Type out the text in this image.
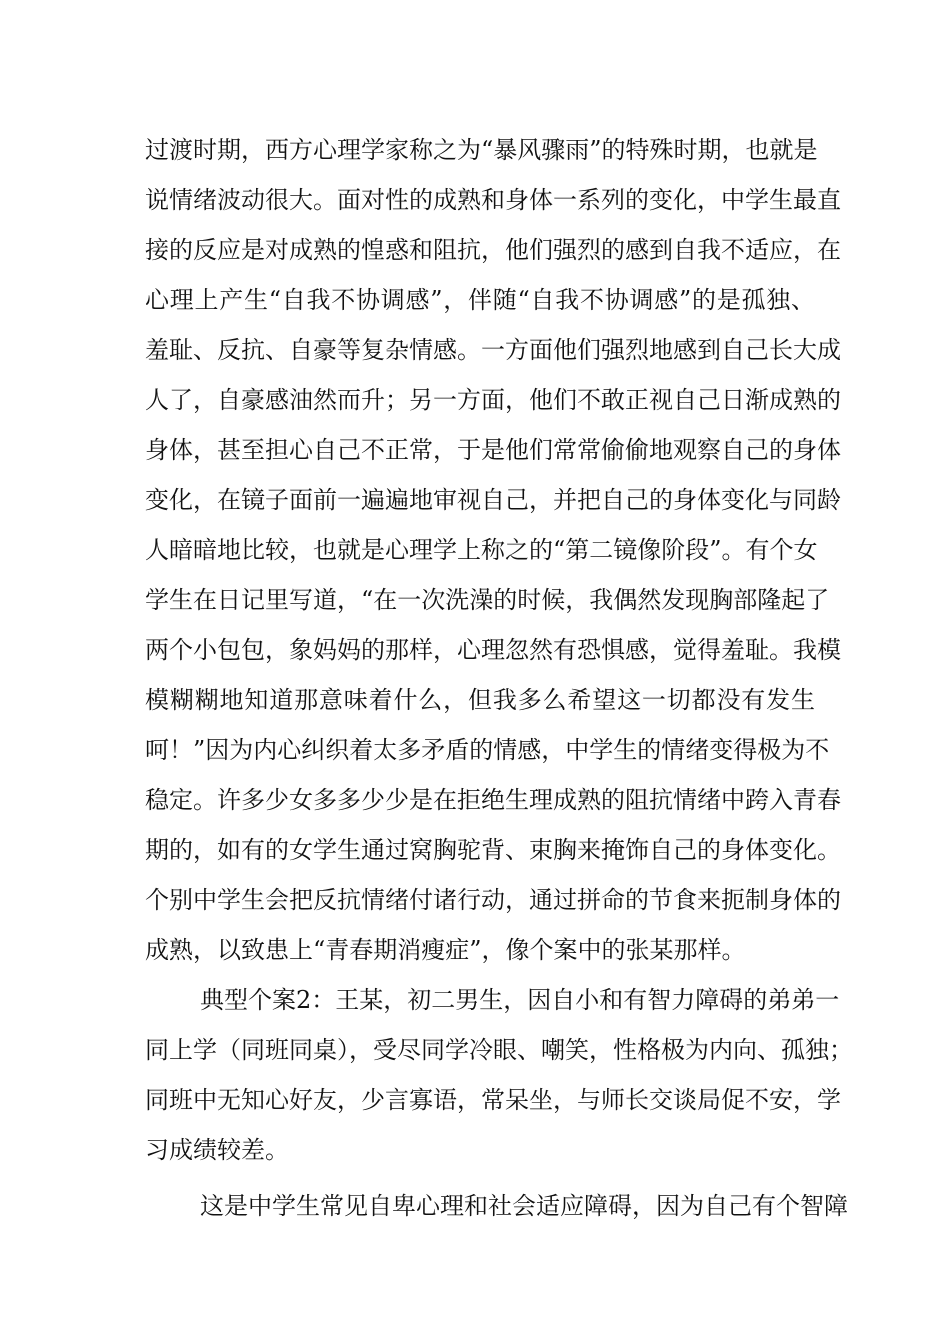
过渡时期，西方心理学家称之为“暴风骤雨”的特殊时期，也就是
说情绪波动很大。面对性的成熟和身体一系列的变化，中学生最直
接的反应是对成熟的惶惑和阻抗，他们强烈的感到自我不适应，在
心理上产生“自我不协调感”，伴随“自我不协调感”的是孤独、
羞耻、反抗、自豪等复杂情感。一方面他们强烈地感到自己长大成
人了，自豪感油然而升；另一方面，他们不敢正视自己日渐成熟的
身体，甚至担心自己不正常，于是他们常常偷偷地观察自己的身体
变化，在镜子面前一遍遍地审视自己，并把自己的身体变化与同龄
人暗暗地比较，也就是心理学上称之的“第二镜像阶段”。有个女
学生在日记里写道，“在一次洗澡的时候，我偶然发现胸部隆起了
两个小包包，象妈妈的那样，心理忽然有恐惧感，觉得羞耻。我模
模糊糊地知道那意味着什么，但我多么希望这一切都没有发生
呵！”因为内心纠织着太多矛盾的情感，中学生的情绪变得极为不
稳定。许多少女多多少少是在拒绝生理成熟的阻抗情绪中跨入青春
期的，如有的女学生通过窝胸驼背、束胸来掩饰自己的身体变化。
个别中学生会把反抗情绪付诸行动，通过拼命的节食来扼制身体的
成熟，以致患上“青春期消瘦症”，像个案中的张某那样。
典型个案2：王某，初二男生，因自小和有智力障碍的弟弟一
同上学（同班同桌），受尽同学冷眼、嘲笑，性格极为内向、孤独；
同班中无知心好友，少言寡语，常呆坐，与师长交谈局促不安，学
习成绩较差。
这是中学生常见自卑心理和社会适应障碍，因为自己有个智障
